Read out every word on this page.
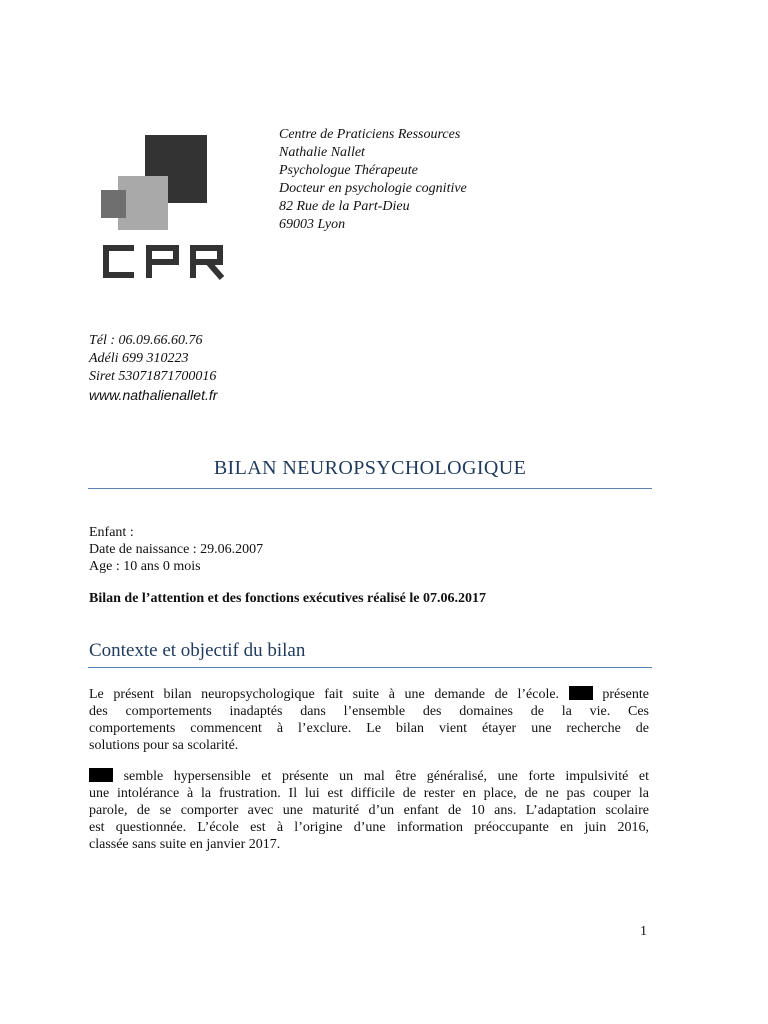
Centre de Praticiens Ressources
Nathalie Nallet
Psychologue Thérapeute
Docteur en psychologie cognitive
82 Rue de la Part-Dieu
69003 Lyon
Tél : 06.09.66.60.76
Adéli 699 310223
Siret 53071871700016
www.nathalienallet.fr
BILAN NEUROPSYCHOLOGIQUE
Enfant :
Date de naissance : 29.06.2007
Age : 10 ans 0 mois
Bilan de l’attention et des fonctions exécutives réalisé le 07.06.2017
Contexte et objectif du bilan
Le présent bilan neuropsychologique fait suite à une demande de l’école.	présente
des comportements inadaptés dans l’ensemble des domaines de la vie. Ces
comportements commencent à l’exclure. Le bilan vient étayer une recherche de
solutions pour sa scolarité.
semble hypersensible et présente un mal être généralisé, une forte impulsivité et
une intolérance à la frustration. Il lui est difficile de rester en place, de ne pas couper la
parole, de se comporter avec une maturité d’un enfant de 10 ans. L’adaptation scolaire
est questionnée. L’école est à l’origine d’une information préoccupante en juin 2016,
classée sans suite en janvier 2017.
1
